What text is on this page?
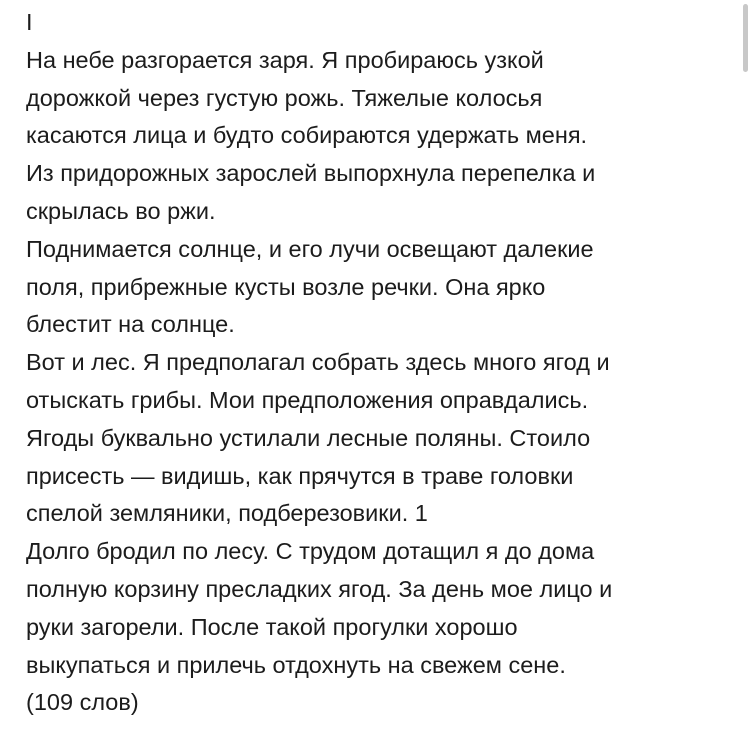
I
На небе разгорается заря. Я пробираюсь узкой
дорожкой через густую рожь. Тяжелые колосья
касаются лица и будто собираются удержать меня.
Из придорожных зарослей выпорхнула перепелка и
скрылась во ржи.
Поднимается солнце, и его лучи освещают далекие
поля, прибрежные кусты возле речки. Она ярко
блестит на солнце.
Вот и лес. Я предполагал собрать здесь много ягод и
отыскать грибы. Мои предположения оправдались.
Ягоды буквально устилали лесные поляны. Стоило
присесть — видишь, как прячутся в траве головки
спелой земляники, подберезовики. 1
Долго бродил по лесу. С трудом дотащил я до дома
полную корзину пресладких ягод. За день мое лицо и
руки загорели. После такой прогулки хорошо
выкупаться и прилечь отдохнуть на свежем сене.
(109 слов)
